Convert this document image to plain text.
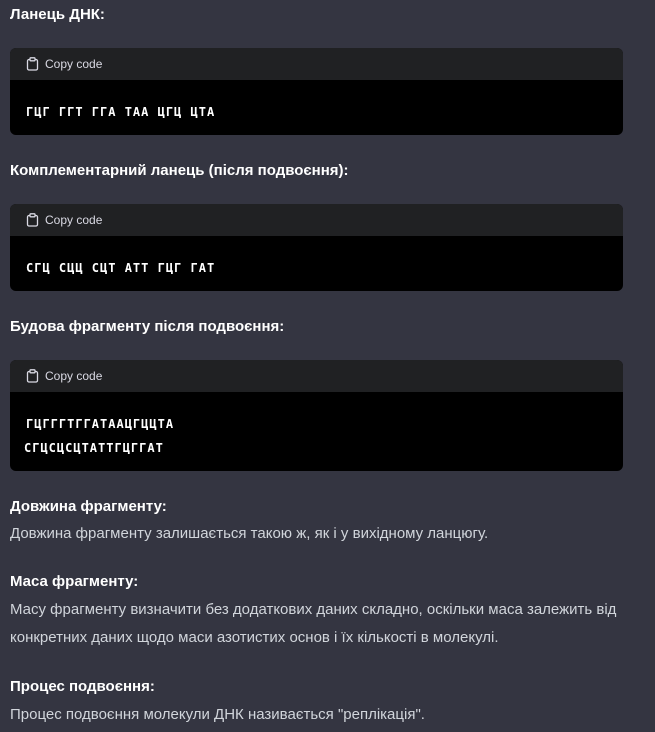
Ланець ДНК:
Copy code
ГЦГ ГГТ ГГА ТАА ЦГЦ ЦТА
Комплементарний ланець (після подвоєння):
Copy code
СГЦ СЦЦ СЦТ АТТ ГЦГ ГАТ
Будова фрагменту після подвоєння:
Copy code
ГЦГГГТГГАТААЦГЦЦТА
СГЦСЦСЦТАТТГЦГГАТ
Довжина фрагменту:
Довжина фрагменту залишається такою ж, як і у вихідному ланцюгу.
Маса фрагменту:
Масу фрагменту визначити без додаткових даних складно, оскільки маса залежить від конкретних даних щодо маси азотистих основ і їх кількості в молекулі.
Процес подвоєння:
Процес подвоєння молекули ДНК називається "реплікація".
